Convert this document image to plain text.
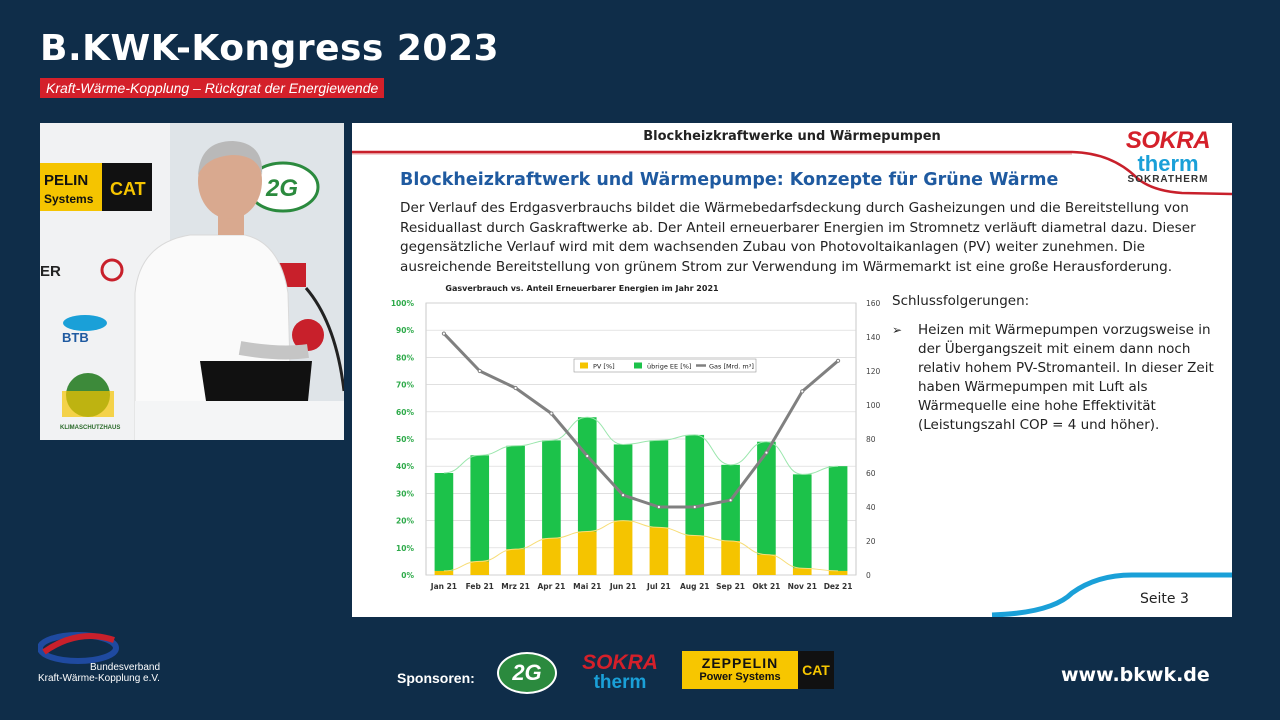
B.KWK-Kongress 2023
Kraft-Wärme-Kopplung – Rückgrat der Energiewende
PELIN
Systems CAT	2G
ER
BTB
KLIMASCHUTZHAUS
Blockheizkraftwerke und Wärmepumpen	SOKRA
therm
SOKRATHERM
Blockheizkraftwerk und Wärmepumpe: Konzepte für Grüne Wärme
Der Verlauf des Erdgasverbrauchs bildet die Wärmebedarfsdeckung durch Gasheizungen und die Bereitstellung von Residuallast durch Gaskraftwerke ab. Der Anteil erneuerbarer Energien im Stromnetz verläuft diametral dazu. Dieser gegensätzliche Verlauf wird mit dem wachsenden Zubau von Photovoltaikanlagen (PV) weiter zunehmen. Die ausreichende Bereitstellung von grünem Strom zur Verwendung im Wärmemarkt ist eine große Herausforderung.
Gasverbrauch vs. Anteil Erneuerbarer Energien im Jahr 2021
0%
10%
20%
30%
40%
50%
60%
70%
80%
90%
100%
0
20
40
60
80
100
120
140
160
Jan 21 Feb 21 Mrz 21 Apr 21 Mai 21 Jun 21 Jul 21 Aug 21 Sep 21 Okt 21 Nov 21 Dez 21
PV [%]	übrige EE [%]	Gas [Mrd. m³]
Schlussfolgerungen:
➢	Heizen mit Wärmepumpen vorzugsweise in der Übergangszeit mit einem dann noch relativ hohem PV-Stromanteil. In dieser Zeit haben Wärmepumpen mit Luft als Wärmequelle eine hohe Effektivität (Leistungszahl COP = 4 und höher).
Seite 3
Bundesverband
Kraft-Wärme-Kopplung e.V.	Sponsoren:	2G	SOKRA
therm
ZEPPELIN
Power Systems	CAT	www.bkwk.de
